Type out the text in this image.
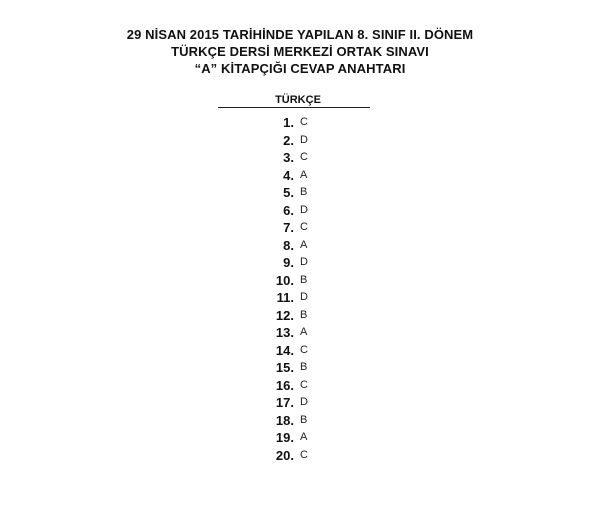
29 NİSAN 2015 TARİHİNDE YAPILAN 8. SINIF II. DÖNEM
TÜRKÇE DERSİ MERKEZİ ORTAK SINAVI
“A” KİTAPÇIĞI CEVAP ANAHTARI
TÜRKÇE
1. C
2. D
3. C
4. A
5. B
6. D
7. C
8. A
9. D
10. B
11. D
12. B
13. A
14. C
15. B
16. C
17. D
18. B
19. A
20. C
